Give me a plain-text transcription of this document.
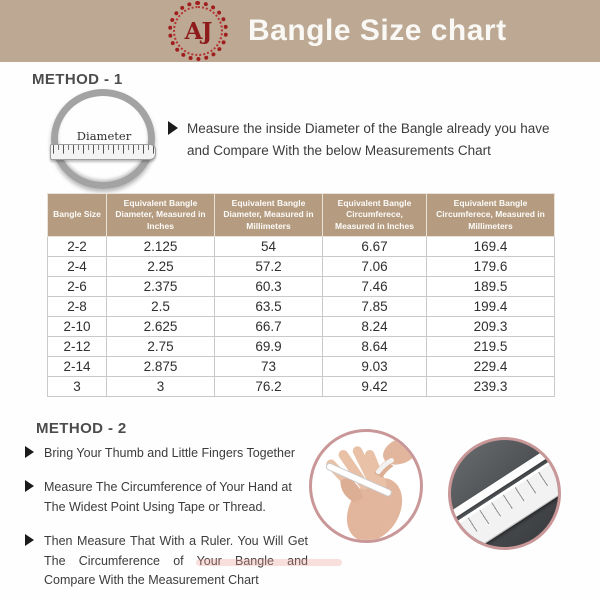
AJ	Bangle Size chart
METHOD - 1
Diameter	Measure the inside Diameter of the Bangle already you have and Compare With the below Measurements Chart
Bangle Size	Equivalent Bangle Diameter, Measured in Inches	Equivalent Bangle Diameter, Measured in Millimeters	Equivalent Bangle Circumferece, Measured in Inches	Equivalent Bangle Circumferece, Measured in Millimeters
2-2	2.125	54	6.67	169.4
2-4	2.25	57.2	7.06	179.6
2-6	2.375	60.3	7.46	189.5
2-8	2.5	63.5	7.85	199.4
2-10	2.625	66.7	8.24	209.3
2-12	2.75	69.9	8.64	219.5
2-14	2.875	73	9.03	229.4
3	3	76.2	9.42	239.3
METHOD - 2
Bring Your Thumb and Little Fingers Together
Measure The Circumference of Your Hand at The Widest Point Using Tape or Thread.
Then Measure That With a Ruler. You Will Get The Circumference of Your Bangle and Compare With the Measurement Chart
